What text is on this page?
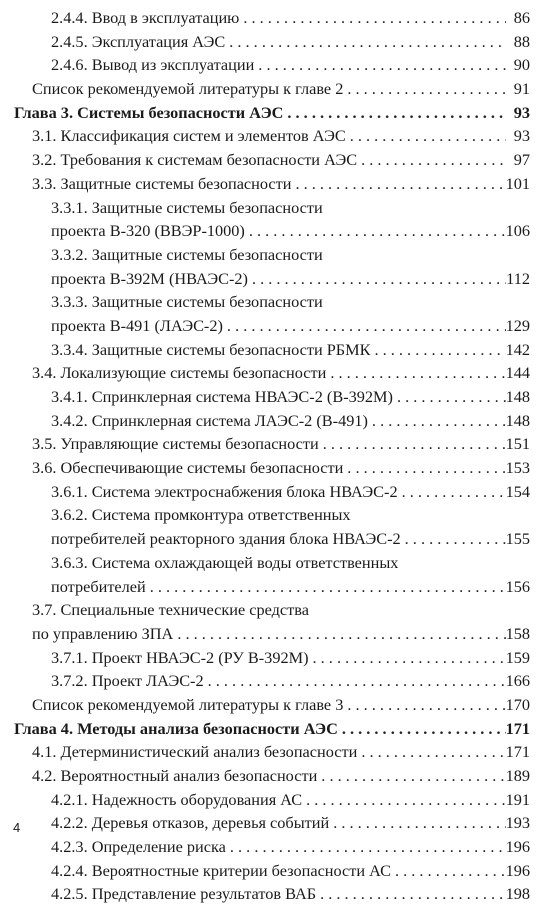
2.4.4. Ввод в эксплуатацию . . .	86
2.4.5. Эксплуатация АЭС . . .	88
2.4.6. Вывод из эксплуатации . . .	90
Список рекомендуемой литературы к главе 2 . . .	91
Глава 3. Системы безопасности АЭС . . .	93
3.1. Классификация систем и элементов АЭС . . .	93
3.2. Требования к системам безопасности АЭС . . .	97
3.3. Защитные системы безопасности . . .	101
3.3.1. Защитные системы безопасности
проекта В-320 (ВВЭР-1000) . . .	106
3.3.2. Защитные системы безопасности
проекта В-392М (НВАЭС-2) . . .	112
3.3.3. Защитные системы безопасности
проекта В-491 (ЛАЭС-2) . . .	129
3.3.4. Защитные системы безопасности РБМК . . .	142
3.4. Локализующие системы безопасности . . .	144
3.4.1. Спринклерная система НВАЭС-2 (В-392М) . . .	148
3.4.2. Спринклерная система ЛАЭС-2 (В-491) . . .	148
3.5. Управляющие системы безопасности . . .	151
3.6. Обеспечивающие системы безопасности . . .	153
3.6.1. Система электроснабжения блока НВАЭС-2 . . .	154
3.6.2. Система промконтура ответственных
потребителей реакторного здания блока НВАЭС-2 . . .	155
3.6.3. Система охлаждающей воды ответственных
потребителей . . .	156
3.7. Специальные технические средства
по управлению ЗПА . . .	158
3.7.1. Проект НВАЭС-2 (РУ В-392М) . . .	159
3.7.2. Проект ЛАЭС-2 . . .	166
Список рекомендуемой литературы к главе 3 . . .	170
Глава 4. Методы анализа безопасности АЭС . . .	171
4.1. Детерминистический анализ безопасности . . .	171
4.2. Вероятностный анализ безопасности . . .	189
4.2.1. Надежность оборудования АС . . .	191
4.2.2. Деревья отказов, деревья событий . . .	193
4.2.3. Определение риска . . .	196
4.2.4. Вероятностные критерии безопасности АС . . .	196
4.2.5. Представление результатов ВАБ . . .	198
4
